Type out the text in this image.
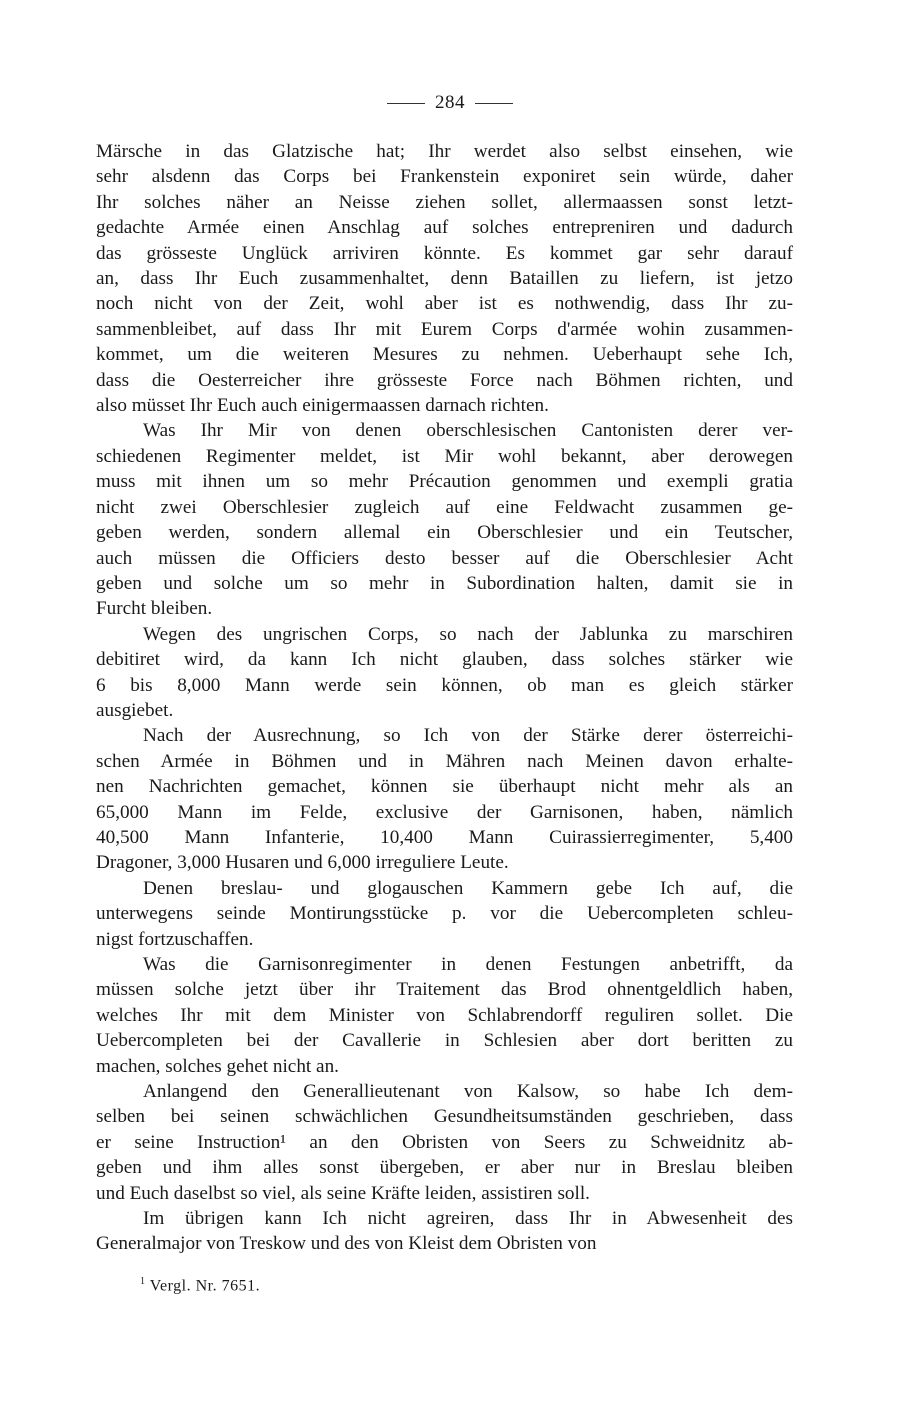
284
Märsche in das Glatzische hat; Ihr werdet also selbst einsehen, wie
sehr alsdenn das Corps bei Frankenstein exponiret sein würde, daher
Ihr solches näher an Neisse ziehen sollet, allermaassen sonst letzt-
gedachte Armée einen Anschlag auf solches entrepreniren und dadurch
das grösseste Unglück arriviren könnte. Es kommet gar sehr darauf
an, dass Ihr Euch zusammenhaltet, denn Bataillen zu liefern, ist jetzo
noch nicht von der Zeit, wohl aber ist es nothwendig, dass Ihr zu-
sammenbleibet, auf dass Ihr mit Eurem Corps d'armée wohin zusammen-
kommet, um die weiteren Mesures zu nehmen. Ueberhaupt sehe Ich,
dass die Oesterreicher ihre grösseste Force nach Böhmen richten, und
also müsset Ihr Euch auch einigermaassen darnach richten.
Was Ihr Mir von denen oberschlesischen Cantonisten derer ver-
schiedenen Regimenter meldet, ist Mir wohl bekannt, aber derowegen
muss mit ihnen um so mehr Précaution genommen und exempli gratia
nicht zwei Oberschlesier zugleich auf eine Feldwacht zusammen ge-
geben werden, sondern allemal ein Oberschlesier und ein Teutscher,
auch müssen die Officiers desto besser auf die Oberschlesier Acht
geben und solche um so mehr in Subordination halten, damit sie in
Furcht bleiben.
Wegen des ungrischen Corps, so nach der Jablunka zu marschiren
debitiret wird, da kann Ich nicht glauben, dass solches stärker wie
6 bis 8,000 Mann werde sein können, ob man es gleich stärker
ausgiebet.
Nach der Ausrechnung, so Ich von der Stärke derer österreichi-
schen Armée in Böhmen und in Mähren nach Meinen davon erhalte-
nen Nachrichten gemachet, können sie überhaupt nicht mehr als an
65,000 Mann im Felde, exclusive der Garnisonen, haben, nämlich
40,500 Mann Infanterie, 10,400 Mann Cuirassierregimenter, 5,400
Dragoner, 3,000 Husaren und 6,000 irreguliere Leute.
Denen breslau- und glogauschen Kammern gebe Ich auf, die
unterwegens seinde Montirungsstücke p. vor die Uebercompleten schleu-
nigst fortzuschaffen.
Was die Garnisonregimenter in denen Festungen anbetrifft, da
müssen solche jetzt über ihr Traitement das Brod ohnentgeldlich haben,
welches Ihr mit dem Minister von Schlabrendorff reguliren sollet. Die
Uebercompleten bei der Cavallerie in Schlesien aber dort beritten zu
machen, solches gehet nicht an.
Anlangend den Generallieutenant von Kalsow, so habe Ich dem-
selben bei seinen schwächlichen Gesundheitsumständen geschrieben, dass
er seine Instruction¹ an den Obristen von Seers zu Schweidnitz ab-
geben und ihm alles sonst übergeben, er aber nur in Breslau bleiben
und Euch daselbst so viel, als seine Kräfte leiden, assistiren soll.
Im übrigen kann Ich nicht agreiren, dass Ihr in Abwesenheit des
Generalmajor von Treskow und des von Kleist dem Obristen von
$^1$ Vergl. Nr. 7651.
